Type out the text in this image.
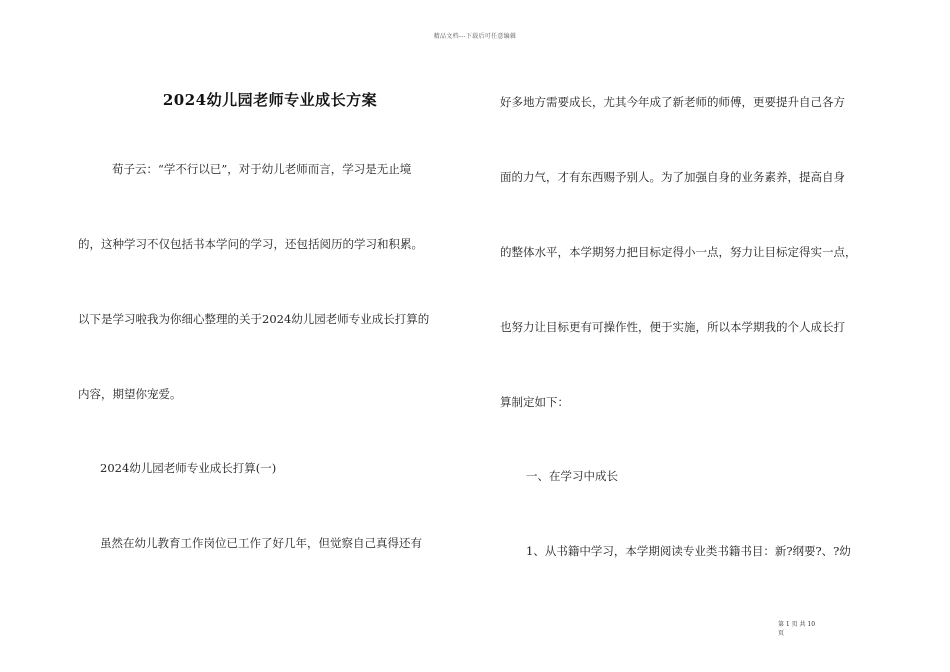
精品文档---下载后可任意编辑
2024幼儿园老师专业成长方案
荀子云：“学不行以已”，对于幼儿老师而言，学习是无止境
的，这种学习不仅包括书本学问的学习，还包括阅历的学习和积累。
以下是学习啦我为你细心整理的关于2024幼儿园老师专业成长打算的
内容，期望你宠爱。
2024幼儿园老师专业成长打算(一)
虽然在幼儿教育工作岗位已工作了好几年，但觉察自己真得还有
好多地方需要成长，尤其今年成了新老师的师傅，更要提升自己各方
面的力气，才有东西赐予别人。为了加强自身的业务素养，提高自身
的整体水平，本学期努力把目标定得小一点，努力让目标定得实一点，
也努力让目标更有可操作性，便于实施，所以本学期我的个人成长打
算制定如下：
一、在学习中成长
1、从书籍中学习，本学期阅读专业类书籍书目：新?纲要?、?幼
第 1 页 共 10
页
